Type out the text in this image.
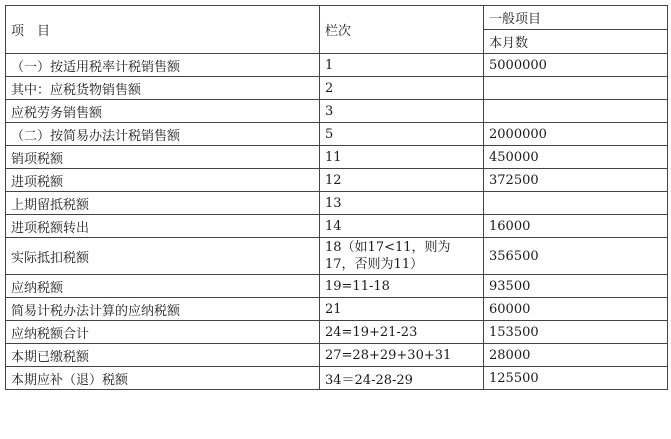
项　目	栏次	一般项目
		本月数
（一）按适用税率计税销售额	1	5000000
其中：应税货物销售额	2	
应税劳务销售额	3	
（二）按简易办法计税销售额	5	2000000
销项税额	11	450000
进项税额	12	372500
上期留抵税额	13	
进项税额转出	14	16000
实际抵扣税额	18（如17<11，则为17，否则为11）	356500
应纳税额	19=11-18	93500
简易计税办法计算的应纳税额	21	60000
应纳税额合计	24=19+21-23	153500
本期已缴税额	27=28+29+30+31	28000
本期应补（退）税额	34＝24-28-29	125500
